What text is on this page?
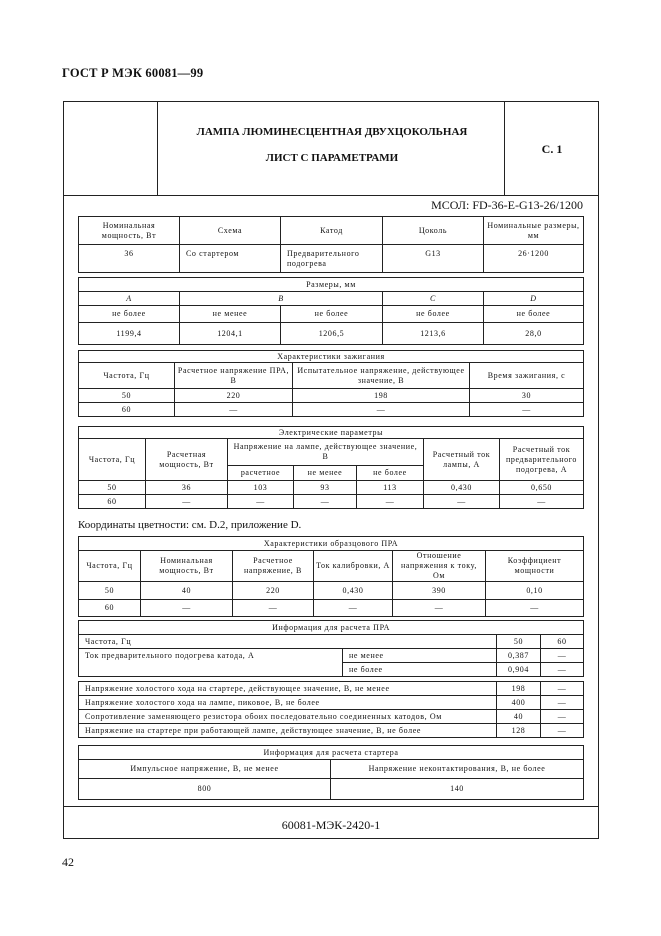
ГОСТ Р МЭК 60081—99
ЛАМПА ЛЮМИНЕСЦЕНТНАЯ ДВУХЦОКОЛЬНАЯ
ЛИСТ С ПАРАМЕТРАМИ
С. 1
МСОЛ: FD-36-E-G13-26/1200
Номинальная мощность, Вт	Схема	Катод	Цоколь	Номинальные размеры, мм
36	Со стартером	Предварительного подогрева	G13	26·1200
Размеры, мм				
A	B		C	D
не более	не менее	не более	не более	не более
1199,4	1204,1	1206,5	1213,6	28,0
Характеристики зажигания			
Частота, Гц	Расчетное напряжение ПРА, В	Испытательное напряжение, действующее значение, В	Время зажигания, с
50	220	198	30
60	—	—	—
Электрические параметры						
Частота, Гц	Расчетная мощность, Вт	Напряжение на лампе, действующее значение, В			Расчетный ток лампы, А	Расчетный ток предварительного подогрева, А
		расчетное	не менее	не более		
50	36	103	93	113	0,430	0,650
60	—	—	—	—	—	—
Координаты цветности: см. D.2, приложение D.
Характеристики образцового ПРА					
Частота, Гц	Номинальная мощность, Вт	Расчетное напряжение, В	Ток калибровки, А	Отношение напряжения к току, Ом	Коэффициент мощности
50	40	220	0,430	390	0,10
60	—	—	—	—	—
Информация для расчета ПРА			
Частота, Гц		50	60
Ток предварительного подогрева катода, А	не менее	0,387	—
	не более	0,904	—

Напряжение холостого хода на стартере, действующее значение, В, не менее		198	—
Напряжение холостого хода на лампе, пиковое, В, не более		400	—
Сопротивление заменяющего резистора обоих последовательно соединенных катодов, Ом		40	—
Напряжение на стартере при работающей лампе, действующее значение, В, не более		128	—
Информация для расчета стартера	
Импульсное напряжение, В, не менее	Напряжение неконтактирования, В, не более
800	140
60081-МЭК-2420-1
42
